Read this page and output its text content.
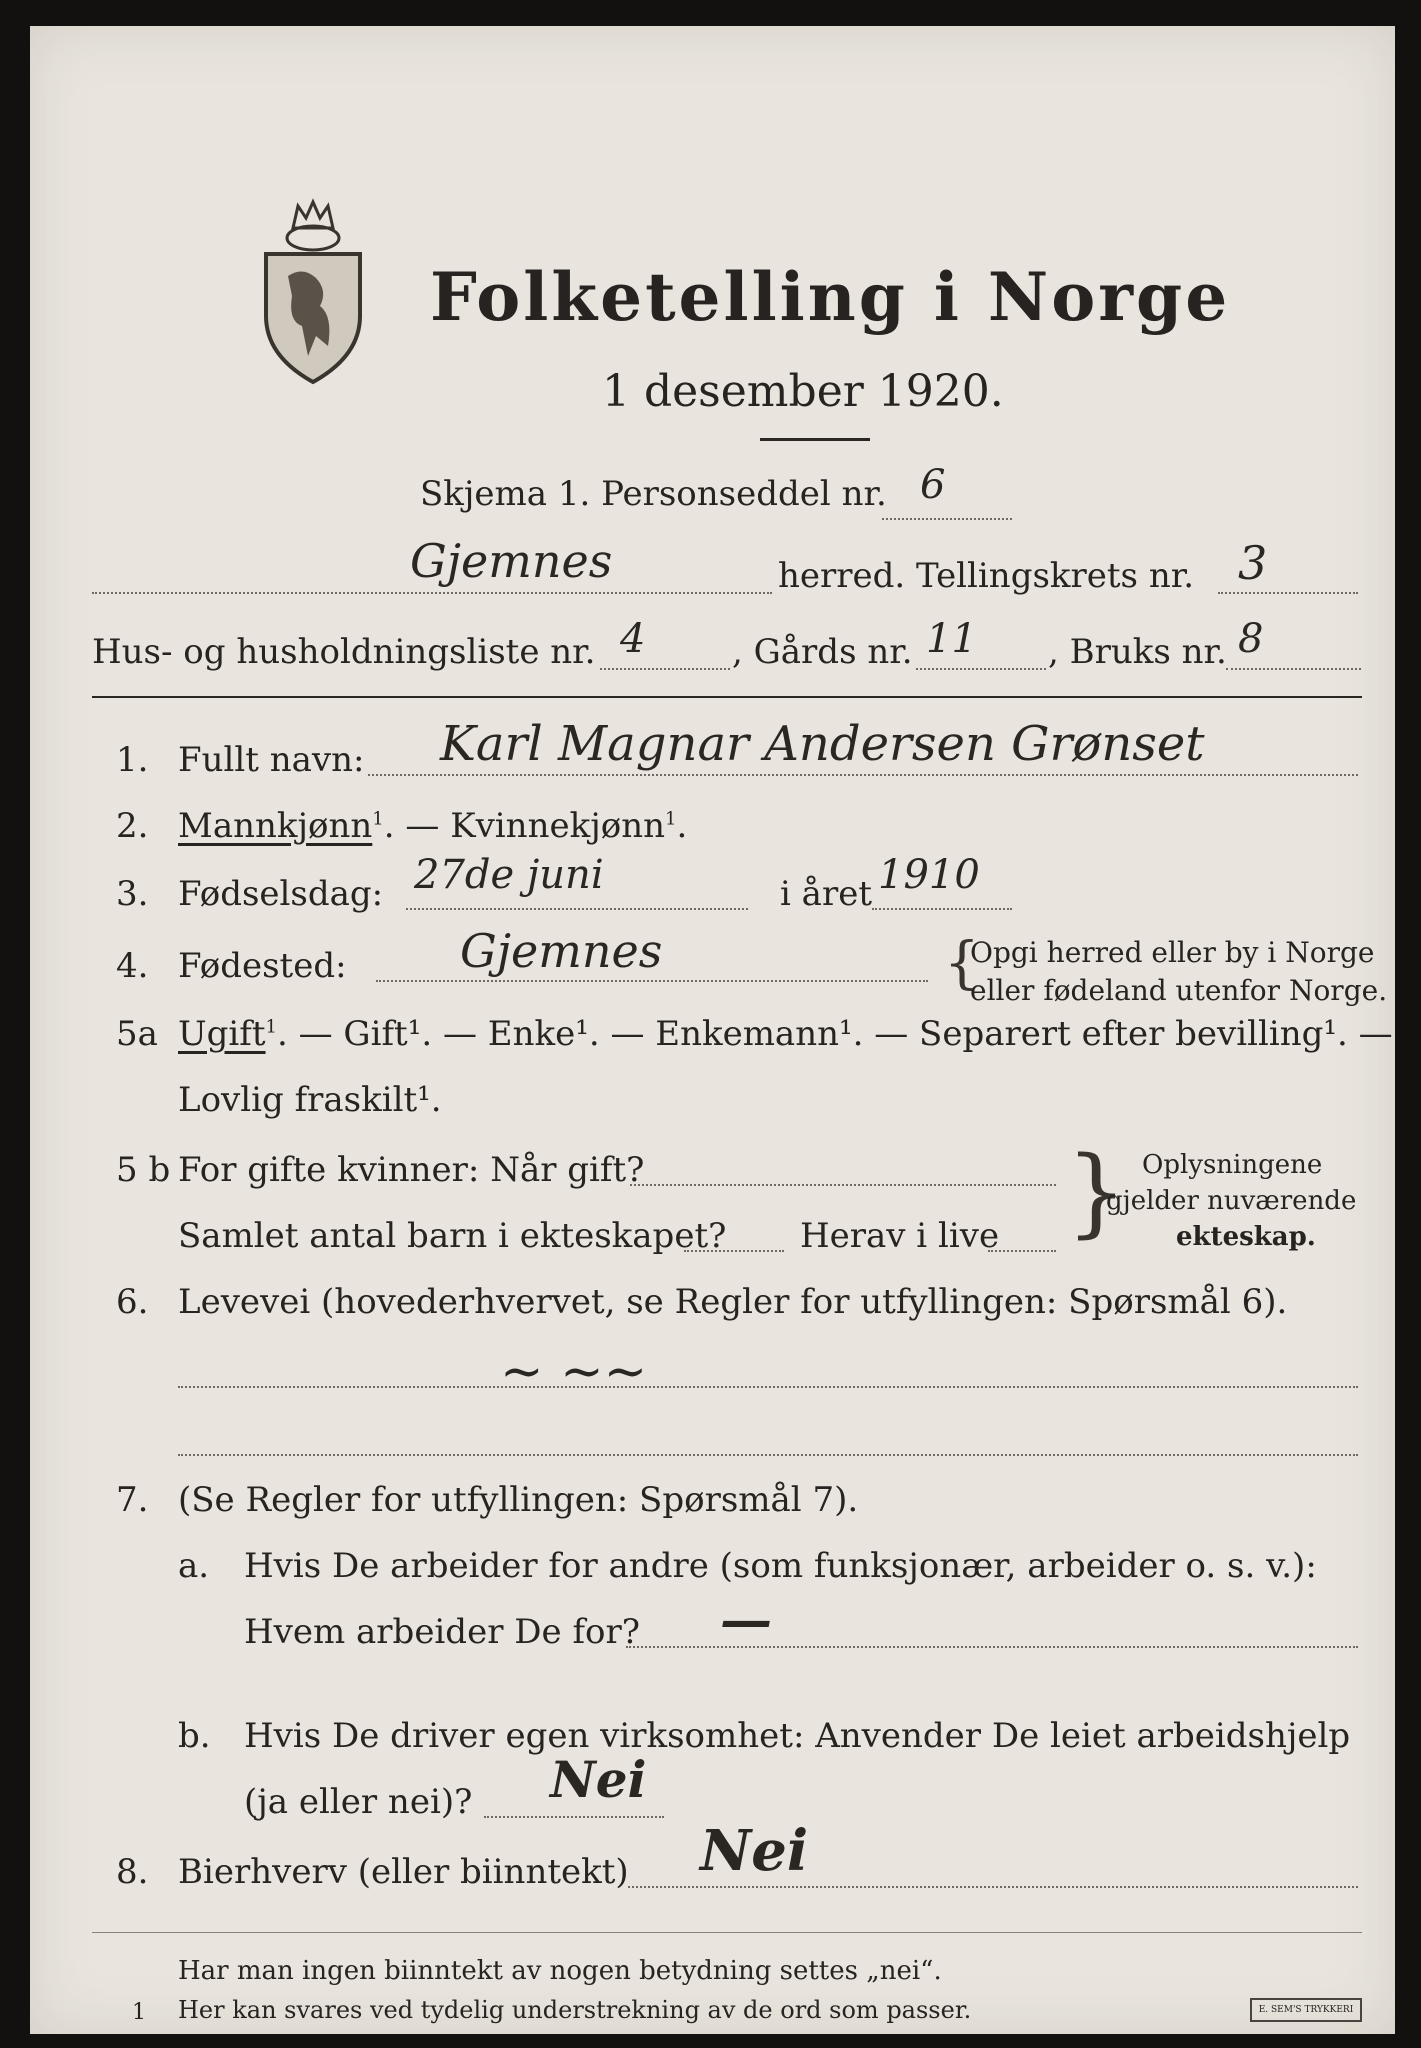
Folketelling i Norge
1 desember 1920.
Skjema 1. Personseddel nr. 6
Gjemnes	herred. Tellingskrets nr. 3
Hus- og husholdningsliste nr. 4	, Gårds nr. 11 , Bruks nr. 8
1. Fullt navn: Karl Magnar Andersen Grønset
2. Mannkjønn$^1$. — Kvinnekjønn$^1$.
3. Fødselsdag: 27de juni	i året 1910
4. Fødested: Gjemnes	{
Opgi herred eller by i Norge
eller fødeland utenfor Norge.
5a Ugift$^1$. — Gift¹. — Enke¹. — Enkemann¹. — Separert efter bevilling¹. —
Lovlig fraskilt¹.
5 b For gifte kvinner: Når gift?
Samlet antal barn i ekteskapet? Herav i live } Oplysningene
gjelder nuværende
ekteskap.
6. Levevei (hovederhvervet, se Regler for utfyllingen: Spørsmål 6).
~ ~~
7. (Se Regler for utfyllingen: Spørsmål 7).
a. Hvis De arbeider for andre (som funksjonær, arbeider o. s. v.):
Hvem arbeider De for? —
b. Hvis De driver egen virksomhet: Anvender De leiet arbeidshjelp
(ja eller nei)? Nei
8. Bierhverv (eller biinntekt) Nei
Har man ingen biinntekt av nogen betydning settes „nei“.
1 Her kan svares ved tydelig understrekning av de ord som passer.	E. SEM'S TRYKKERI
